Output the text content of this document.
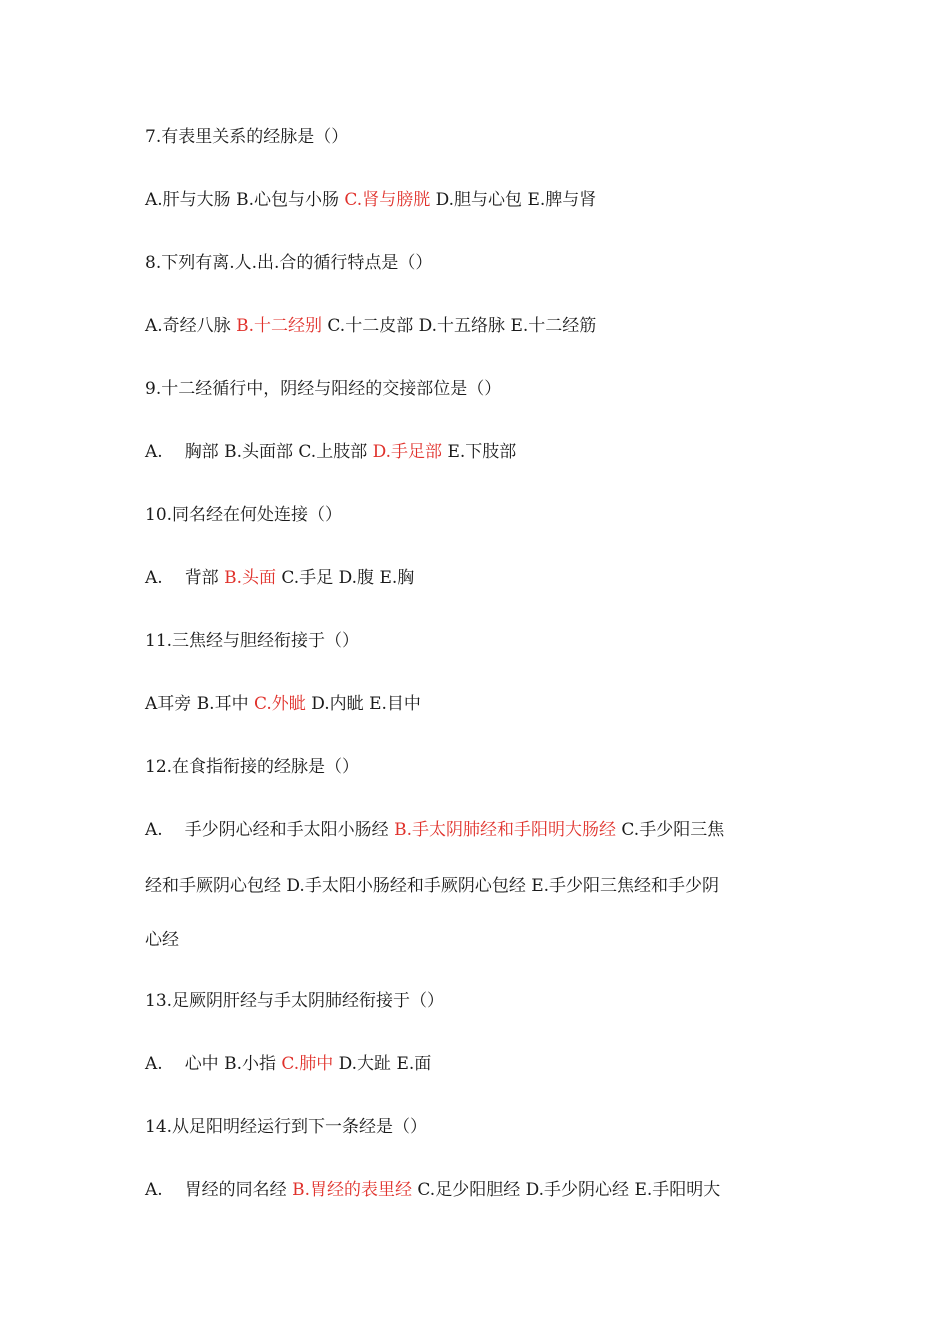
7.有表里关系的经脉是（）
A.肝与大肠 B.心包与小肠 C.肾与膀胱 D.胆与心包 E.脾与肾
8.下列有离.人.出.合的循行特点是（）
A.奇经八脉 B.十二经别 C.十二皮部 D.十五络脉 E.十二经筋
9.十二经循行中，阴经与阳经的交接部位是（）
A. 胸部 B.头面部 C.上肢部 D.手足部 E.下肢部
10.同名经在何处连接（）
A. 背部 B.头面 C.手足 D.腹 E.胸
11.三焦经与胆经衔接于（）
A耳旁 B.耳中 C.外眦 D.内眦 E.目中
12.在食指衔接的经脉是（）
A. 手少阴心经和手太阳小肠经 B.手太阴肺经和手阳明大肠经 C.手少阳三焦
经和手厥阴心包经 D.手太阳小肠经和手厥阴心包经 E.手少阳三焦经和手少阴
心经
13.足厥阴肝经与手太阴肺经衔接于（）
A. 心中 B.小指 C.肺中 D.大趾 E.面
14.从足阳明经运行到下一条经是（）
A. 胃经的同名经 B.胃经的表里经 C.足少阳胆经 D.手少阴心经 E.手阳明大
